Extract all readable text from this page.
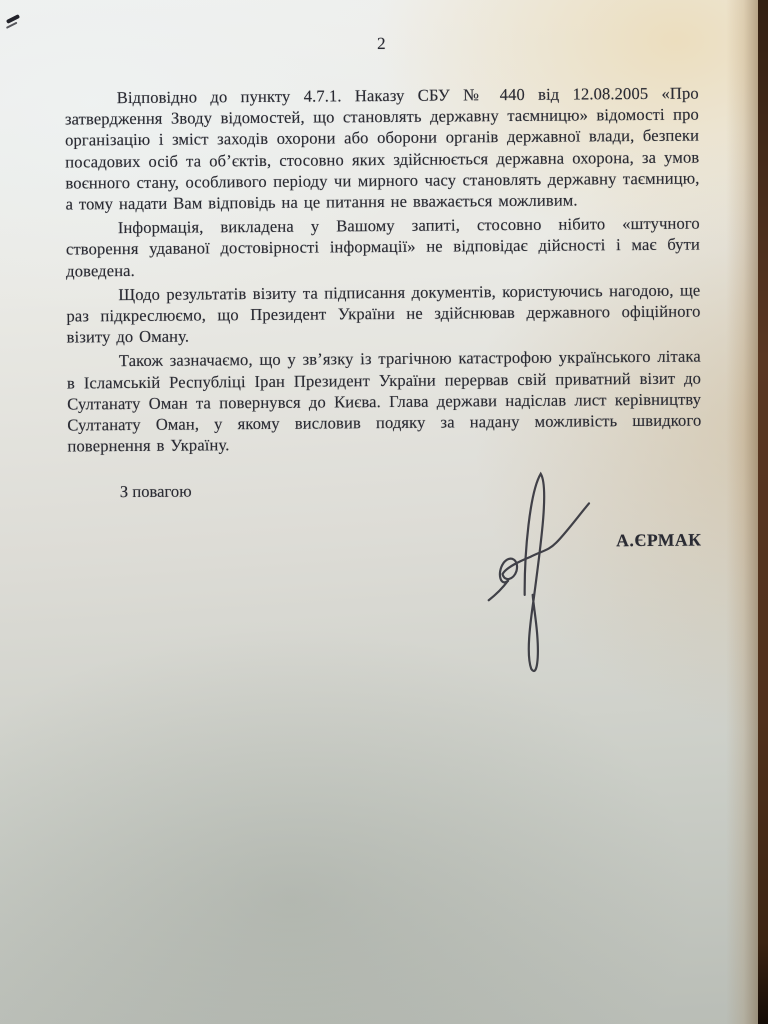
2

Відповідно до пункту 4.7.1. Наказу СБУ № 440 від 12.08.2005 «Про затвердження Зводу відомостей, що становлять державну таємницю» відомості про організацію і зміст заходів охорони або оборони органів державної влади, безпеки посадових осіб та об’єктів, стосовно яких здійснюється державна охорона, за умов воєнного стану, особливого періоду чи мирного часу становлять державну таємницю, а тому надати Вам відповідь на це питання не вважається можливим.

Інформація, викладена у Вашому запиті, стосовно нібито «штучного створення удаваної достовірності інформації» не відповідає дійсності і має бути доведена.

Щодо результатів візиту та підписання документів, користуючись нагодою, ще раз підкреслюємо, що Президент України не здійснював державного офіційного візиту до Оману.

Також зазначаємо, що у зв’язку із трагічною катастрофою українського літака в Ісламській Республіці Іран Президент України перервав свій приватний візит до Султанату Оман та повернувся до Києва. Глава держави надіслав лист керівництву Султанату Оман, у якому висловив подяку за надану можливість швидкого повернення в Україну.

З повагою
А.ЄРМАК
